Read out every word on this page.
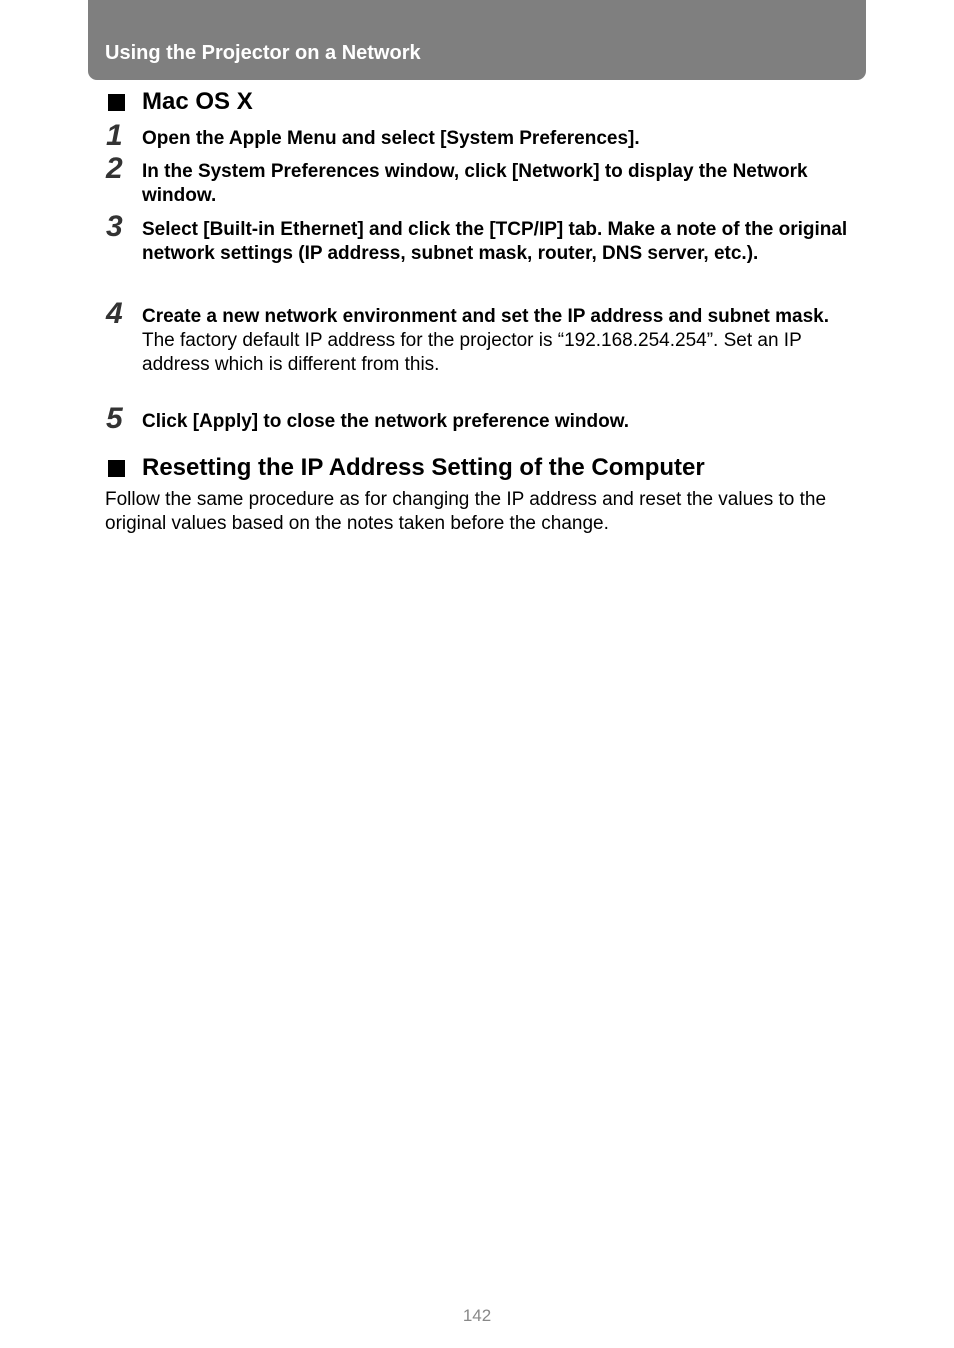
Using the Projector on a Network
Mac OS X
1 Open the Apple Menu and select [System Preferences].
2 In the System Preferences window, click [Network] to display the Network window.
3 Select [Built-in Ethernet] and click the [TCP/IP] tab. Make a note of the original network settings (IP address, subnet mask, router, DNS server, etc.).
4 Create a new network environment and set the IP address and subnet mask.
The factory default IP address for the projector is “192.168.254.254”. Set an IP address which is different from this.
5 Click [Apply] to close the network preference window.
Resetting the IP Address Setting of the Computer
Follow the same procedure as for changing the IP address and reset the values to the original values based on the notes taken before the change.
142
